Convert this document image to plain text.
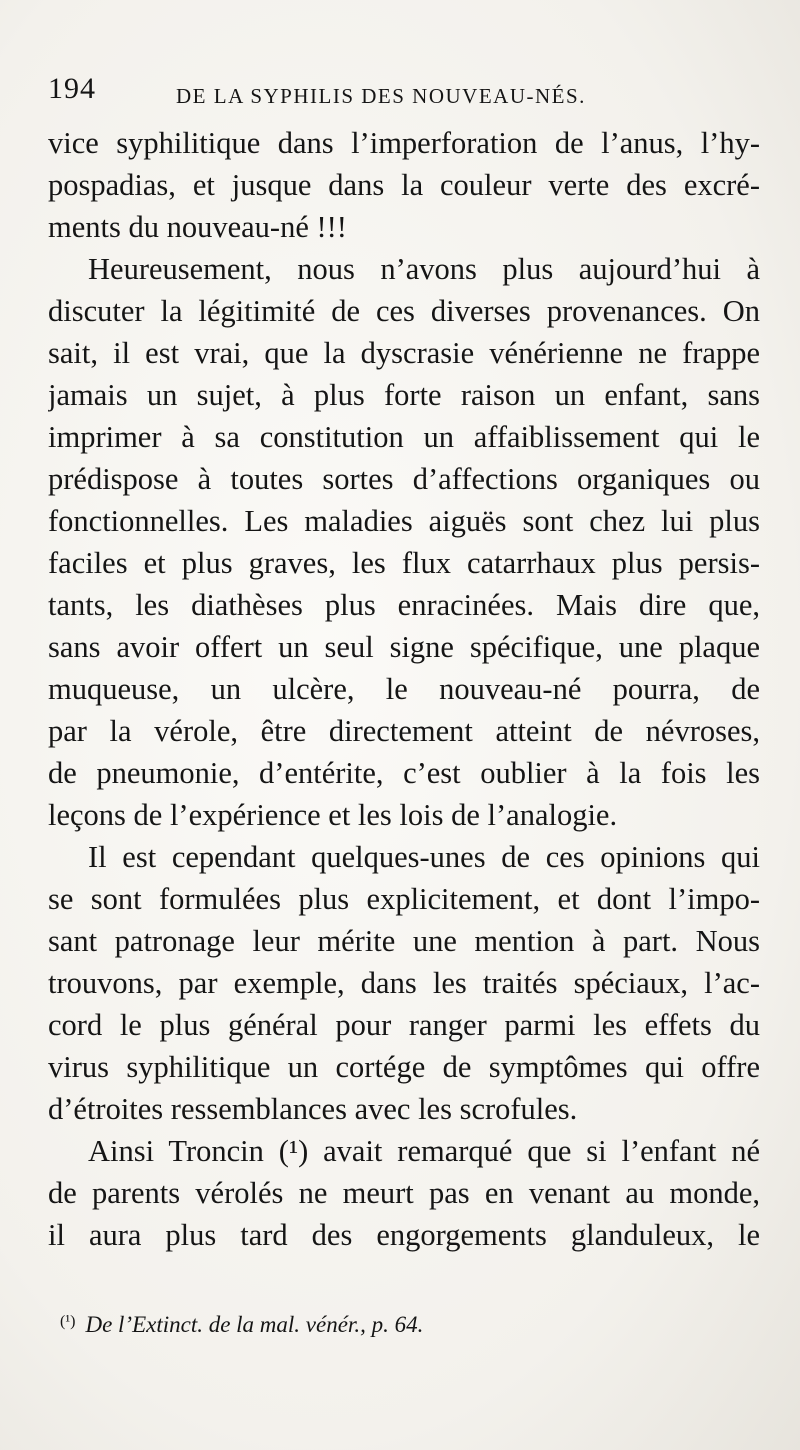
194	DE LA SYPHILIS DES NOUVEAU-NÉS.
vice syphilitique dans l’imperforation de l’anus, l’hy-
pospadias, et jusque dans la couleur verte des excré-
ments du nouveau-né !!!
Heureusement, nous n’avons plus aujourd’hui à
discuter la légitimité de ces diverses provenances. On
sait, il est vrai, que la dyscrasie vénérienne ne frappe
jamais un sujet, à plus forte raison un enfant, sans
imprimer à sa constitution un affaiblissement qui le
prédispose à toutes sortes d’affections organiques ou
fonctionnelles. Les maladies aiguës sont chez lui plus
faciles et plus graves, les flux catarrhaux plus persis-
tants, les diathèses plus enracinées. Mais dire que,
sans avoir offert un seul signe spécifique, une plaque
muqueuse, un ulcère, le nouveau-né pourra, de
par la vérole, être directement atteint de névroses,
de pneumonie, d’entérite, c’est oublier à la fois les
leçons de l’expérience et les lois de l’analogie.
Il est cependant quelques-unes de ces opinions qui
se sont formulées plus explicitement, et dont l’impo-
sant patronage leur mérite une mention à part. Nous
trouvons, par exemple, dans les traités spéciaux, l’ac-
cord le plus général pour ranger parmi les effets du
virus syphilitique un cortége de symptômes qui offre
d’étroites ressemblances avec les scrofules.
Ainsi Troncin (¹) avait remarqué que si l’enfant né
de parents vérolés ne meurt pas en venant au monde,
il aura plus tard des engorgements glanduleux, le
$^{(^1)}$ De l’Extinct. de la mal. vénér., p. 64.
